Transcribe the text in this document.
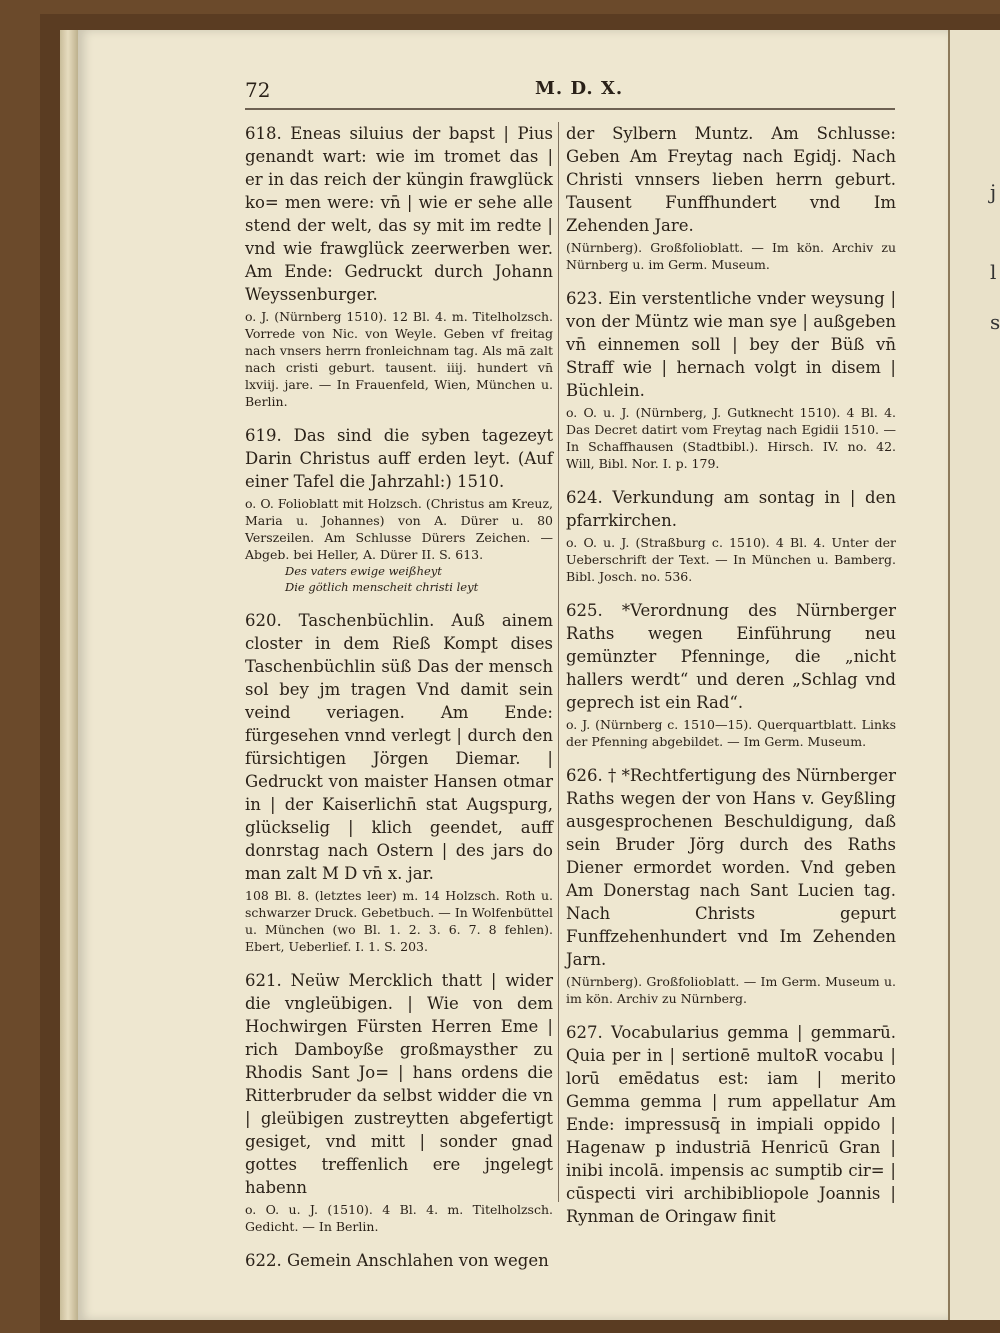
j
l
s
72	M. D. X.

618. Eneas siluius der bapst | Pius genandt wart: wie im tromet das | er in das reich der küngin frawglück ko= men were: vn̄ | wie er sehe alle stend der welt, das sy mit im redte | vnd wie frawglück zeerwerben wer. Am Ende: Gedruckt durch Johann Weyssenburger.

o. J. (Nürnberg 1510). 12 Bl. 4. m. Titelholzsch. Vorrede von Nic. von Weyle. Geben vf freitag nach vnsers herrn fronleichnam tag. Als mā zalt nach cristi geburt. tausent. iiij. hundert vn̄ lxviij. jare. — In Frauenfeld, Wien, München u. Berlin.

619. Das sind die syben tagezeyt Darin Christus auff erden leyt. (Auf einer Tafel die Jahrzahl:) 1510.

o. O. Folioblatt mit Holzsch. (Christus am Kreuz, Maria u. Johannes) von A. Dürer u. 80 Verszeilen. Am Schlusse Dürers Zeichen. — Abgeb. bei Heller, A. Dürer II. S. 613.

Des vaters ewige weißheyt

Die götlich menscheit christi leyt

620. Taschenbüchlin. Auß ainem closter in dem Rieß Kompt dises Taschenbüchlin süß Das der mensch sol bey jm tragen Vnd damit sein veind veriagen. Am Ende: fürgesehen vnnd verlegt | durch den fürsichtigen Jörgen Diemar. | Gedruckt von maister Hansen otmar in | der Kaiserlichn̄ stat Augspurg, glückselig | klich geendet, auff donrstag nach Ostern | des jars do man zalt M D vn̄ x. jar.

108 Bl. 8. (letztes leer) m. 14 Holzsch. Roth u. schwarzer Druck. Gebetbuch. — In Wolfenbüttel u. München (wo Bl. 1. 2. 3. 6. 7. 8 fehlen). Ebert, Ueberlief. I. 1. S. 203.

621. Neüw Mercklich thatt | wider die vngleübigen. | Wie von dem Hochwirgen Fürsten Herren Eme | rich Damboyße großmaysther zu Rhodis Sant Jo= | hans ordens die Ritterbruder da selbst widder die vn | gleübigen zustreytten abgefertigt gesiget, vnd mitt | sonder gnad gottes treffenlich ere jngelegt habenn

o. O. u. J. (1510). 4 Bl. 4. m. Titelholzsch. Gedicht. — In Berlin.

622. Gemein Anschlahen von wegen

der Sylbern Muntz. Am Schlusse: Geben Am Freytag nach Egidj. Nach Christi vnnsers lieben herrn geburt. Tausent Funffhundert vnd Im Zehenden Jare.

(Nürnberg). Großfolioblatt. — Im kön. Archiv zu Nürnberg u. im Germ. Museum.

623. Ein verstentliche vnder weysung | von der Müntz wie man sye | außgeben vn̄ einnemen soll | bey der Büß vn̄ Straff wie | hernach volgt in disem | Büchlein.

o. O. u. J. (Nürnberg, J. Gutknecht 1510). 4 Bl. 4. Das Decret datirt vom Freytag nach Egidii 1510. — In Schaffhausen (Stadtbibl.). Hirsch. IV. no. 42. Will, Bibl. Nor. I. p. 179.

624. Verkundung am sontag in | den pfarrkirchen.

o. O. u. J. (Straßburg c. 1510). 4 Bl. 4. Unter der Ueberschrift der Text. — In München u. Bamberg. Bibl. Josch. no. 536.

625. *Verordnung des Nürnberger Raths wegen Einführung neu gemünzter Pfenninge, die „nicht hallers werdt“ und deren „Schlag vnd geprech ist ein Rad“.

o. J. (Nürnberg c. 1510—15). Querquartblatt. Links der Pfenning abgebildet. — Im Germ. Museum.

626. † *Rechtfertigung des Nürnberger Raths wegen der von Hans v. Geyßling ausgesprochenen Beschuldigung, daß sein Bruder Jörg durch des Raths Diener ermordet worden. Vnd geben Am Donerstag nach Sant Lucien tag. Nach Christs gepurt Funffzehenhundert vnd Im Zehenden Jarn.

(Nürnberg). Großfolioblatt. — Im Germ. Museum u. im kön. Archiv zu Nürnberg.

627. Vocabularius gemma | gemmarū. Quia per in | sertionē multoR vocabu | lorū emēdatus est: iam | merito Gemma gemma | rum appellatur Am Ende: impressusq̄ in impiali oppido | Hagenaw p industriā Henricū Gran | inibi incolā. impensis ac sumptib cir= | cūspecti viri archibibliopole Joannis | Rynman de Oringaw finit
